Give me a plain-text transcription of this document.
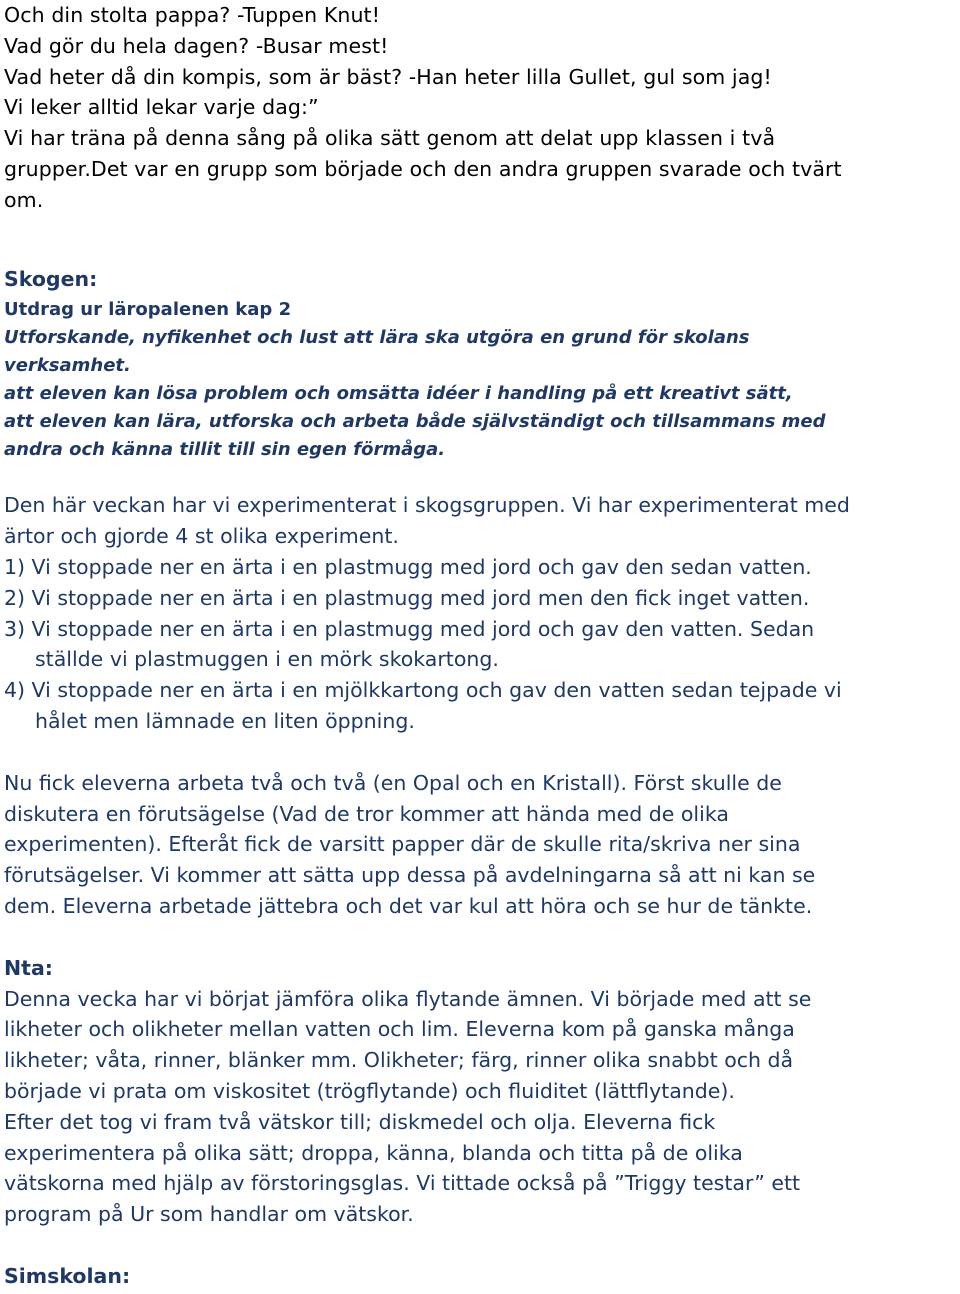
Och din stolta pappa? -Tuppen Knut!
Vad gör du hela dagen? -Busar mest!
Vad heter då din kompis, som är bäst? -Han heter lilla Gullet, gul som jag!
Vi leker alltid lekar varje dag:”
Vi har träna på denna sång på olika sätt genom att delat upp klassen i två
grupper.Det var en grupp som började och den andra gruppen svarade och tvärt
om.
Skogen:
Utdrag ur läropalenen kap 2
Utforskande, nyfikenhet och lust att lära ska utgöra en grund för skolans
verksamhet.
att eleven kan lösa problem och omsätta idéer i handling på ett kreativt sätt,
att eleven kan lära, utforska och arbeta både självständigt och tillsammans med
andra och känna tillit till sin egen förmåga.
Den här veckan har vi experimenterat i skogsgruppen. Vi har experimenterat med
ärtor och gjorde 4 st olika experiment.
1) Vi stoppade ner en ärta i en plastmugg med jord och gav den sedan vatten.
2) Vi stoppade ner en ärta i en plastmugg med jord men den fick inget vatten.
3) Vi stoppade ner en ärta i en plastmugg med jord och gav den vatten. Sedan
ställde vi plastmuggen i en mörk skokartong.
4) Vi stoppade ner en ärta i en mjölkkartong och gav den vatten sedan tejpade vi
hålet men lämnade en liten öppning.
Nu fick eleverna arbeta två och två (en Opal och en Kristall). Först skulle de
diskutera en förutsägelse (Vad de tror kommer att hända med de olika
experimenten). Efteråt fick de varsitt papper där de skulle rita/skriva ner sina
förutsägelser. Vi kommer att sätta upp dessa på avdelningarna så att ni kan se
dem. Eleverna arbetade jättebra och det var kul att höra och se hur de tänkte.
Nta:
Denna vecka har vi börjat jämföra olika flytande ämnen. Vi började med att se
likheter och olikheter mellan vatten och lim. Eleverna kom på ganska många
likheter; våta, rinner, blänker mm. Olikheter; färg, rinner olika snabbt och då
började vi prata om viskositet (trögflytande) och fluiditet (lättflytande).
Efter det tog vi fram två vätskor till; diskmedel och olja. Eleverna fick
experimentera på olika sätt; droppa, känna, blanda och titta på de olika
vätskorna med hjälp av förstoringsglas. Vi tittade också på ”Triggy testar” ett
program på Ur som handlar om vätskor.
Simskolan:
